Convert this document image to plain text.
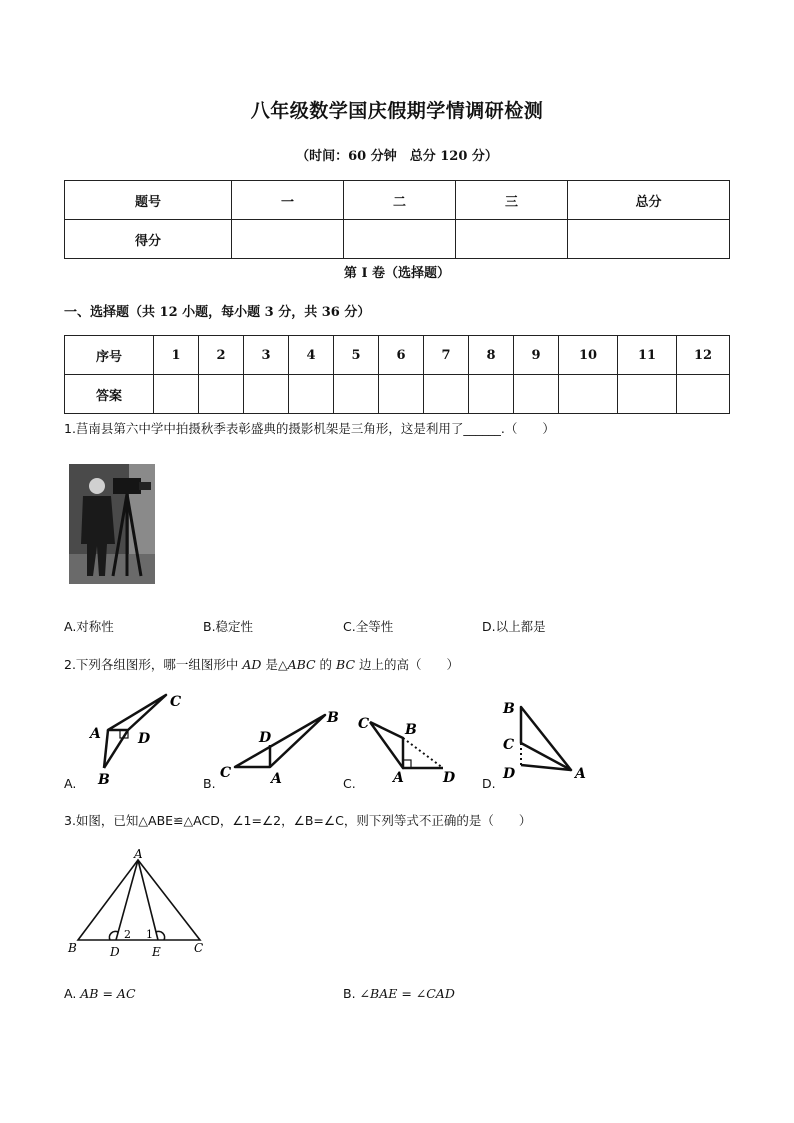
八年级数学国庆假期学情调研检测
（时间：60 分钟　总分 120 分）
题号	一	二	三	总分
得分				
第 I 卷（选择题）
一、选择题（共 12 小题，每小题 3 分，共 36 分）
序号	1	2	3	4	5	6	7	8	9	10	11	12
答案												
1.莒南县第六中学中拍摄秋季表彰盛典的摄影机架是三角形，这是利用了______.（　　）
A.对称性	B.稳定性	C.全等性	D.以上都是
2.下列各组图形，哪一组图形中 AD 是△ABC 的 BC 边上的高（　　）
C
A	D
B
A.
B
D
C	A
B.
C	B
A	D
C.
B
C
D	A
D.
3.如图，已知△ABE≌△ACD，∠1=∠2，∠B=∠C，则下列等式不正确的是（　　）
A
B	D	E	C
2 1
A. AB = AC	B. ∠BAE = ∠CAD
